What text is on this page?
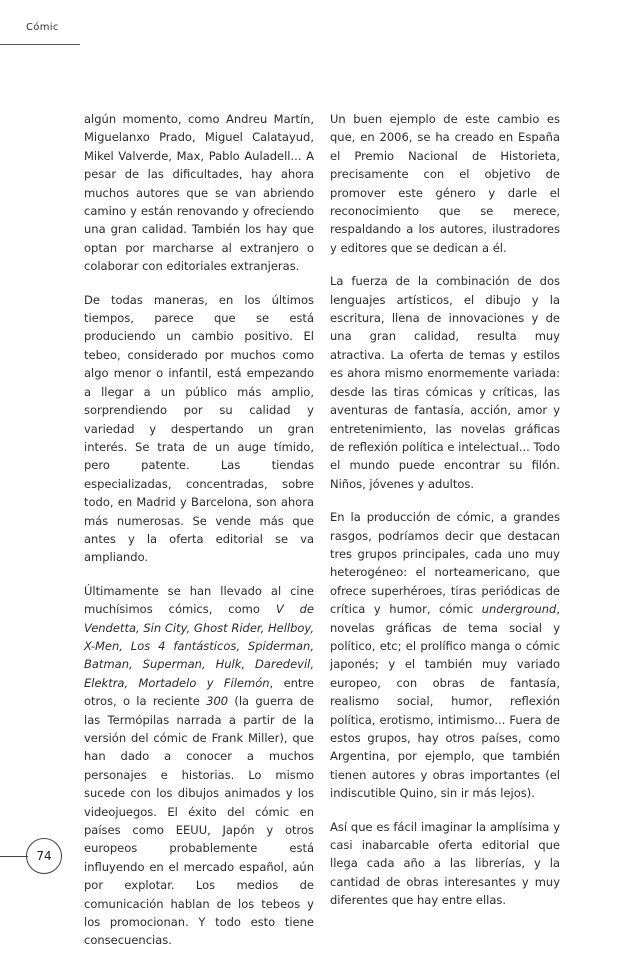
Cómic

algún momento, como Andreu Martín, Miguelanxo Prado, Miguel Calatayud, Mikel Valverde, Max, Pablo Auladell... A pesar de las dificultades, hay ahora muchos autores que se van abriendo camino y están renovando y ofreciendo una gran calidad. También los hay que optan por marcharse al extranjero o colaborar con editoriales extranjeras.

De todas maneras, en los últimos tiempos, parece que se está produciendo un cambio positivo. El tebeo, considerado por muchos como algo menor o infantil, está empezando a llegar a un público más amplio, sorprendiendo por su calidad y variedad y despertando un gran interés. Se trata de un auge tímido, pero patente. Las tiendas especializadas, concentradas, sobre todo, en Madrid y Barcelona, son ahora más numerosas. Se vende más que antes y la oferta editorial se va ampliando.

Últimamente se han llevado al cine muchísimos cómics, como V de Vendetta, Sin City, Ghost Rider, Hellboy, X-Men, Los 4 fantásticos, Spiderman, Batman, Superman, Hulk, Daredevil, Elektra, Mortadelo y Filemón, entre otros, o la reciente 300 (la guerra de las Termópilas narrada a partir de la versión del cómic de Frank Miller), que han dado a conocer a muchos personajes e historias. Lo mismo sucede con los dibujos animados y los videojuegos. El éxito del cómic en países como EEUU, Japón y otros europeos probablemente está influyendo en el mercado español, aún por explotar. Los medios de comunicación hablan de los tebeos y los promocionan. Y todo esto tiene consecuencias.

Un buen ejemplo de este cambio es que, en 2006, se ha creado en España el Premio Nacional de Historieta, precisamente con el objetivo de promover este género y darle el reconocimiento que se merece, respaldando a los autores, ilustradores y editores que se dedican a él.

La fuerza de la combinación de dos lenguajes artísticos, el dibujo y la escritura, llena de innovaciones y de una gran calidad, resulta muy atractiva. La oferta de temas y estilos es ahora mismo enormemente variada: desde las tiras cómicas y críticas, las aventuras de fantasía, acción, amor y entretenimiento, las novelas gráficas de reflexión política e intelectual... Todo el mundo puede encontrar su filón. Niños, jóvenes y adultos.

En la producción de cómic, a grandes rasgos, podríamos decir que destacan tres grupos principales, cada uno muy heterogéneo: el norteamericano, que ofrece superhéroes, tiras periódicas de crítica y humor, cómic underground, novelas gráficas de tema social y político, etc; el prolífico manga o cómic japonés; y el también muy variado europeo, con obras de fantasía, realismo social, humor, reflexión política, erotismo, intimismo... Fuera de estos grupos, hay otros países, como Argentina, por ejemplo, que también tienen autores y obras importantes (el indiscutible Quino, sin ir más lejos).

Así que es fácil imaginar la amplísima y casi inabarcable oferta editorial que llega cada año a las librerías, y la cantidad de obras interesantes y muy diferentes que hay entre ellas.

74
